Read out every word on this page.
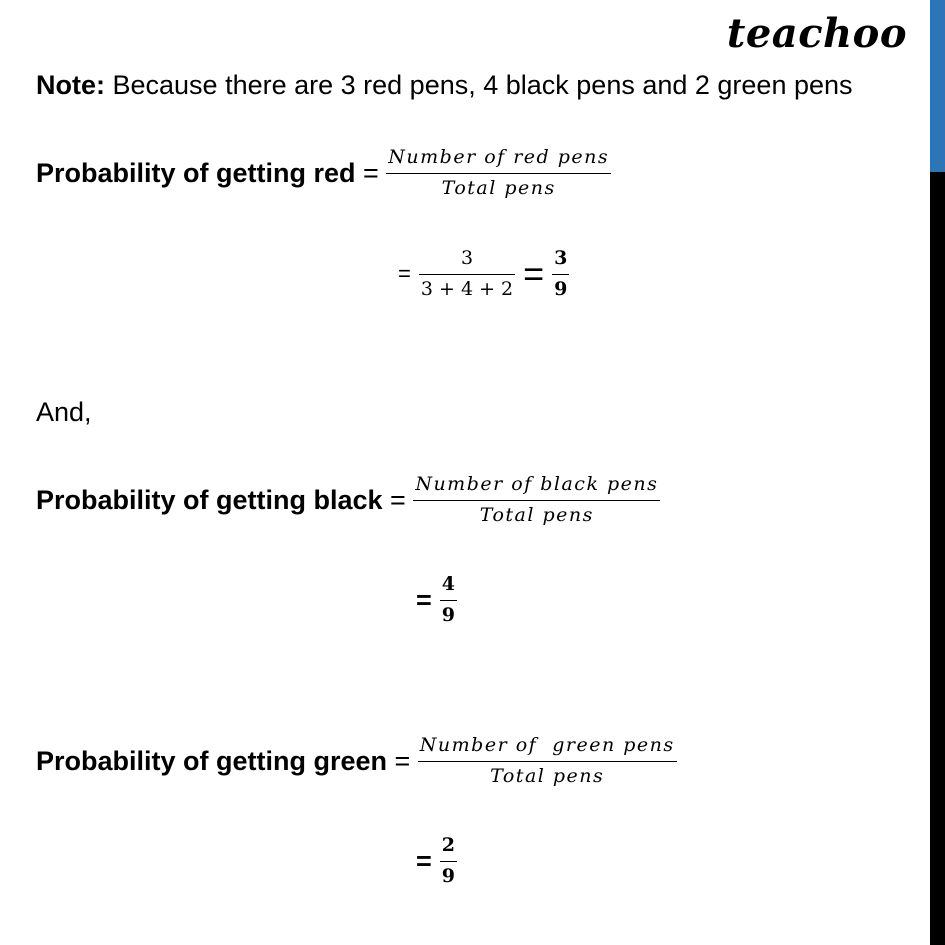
teachoo
Note: Because there are 3 red pens, 4 black pens and 2 green pens
Probability of getting red = $\frac{\text{Number of red pens}}{\text{Total pens}}$
= $\frac{3}{3 + 4 + 2} = \frac{3}{9}$
And,
Probability of getting black = $\frac{\text{Number of black pens}}{\text{Total pens}}$
= $\frac{4}{9}$
Probability of getting green = $\frac{\text{Number of  green pens}}{\text{Total pens}}$
= $\frac{2}{9}$
